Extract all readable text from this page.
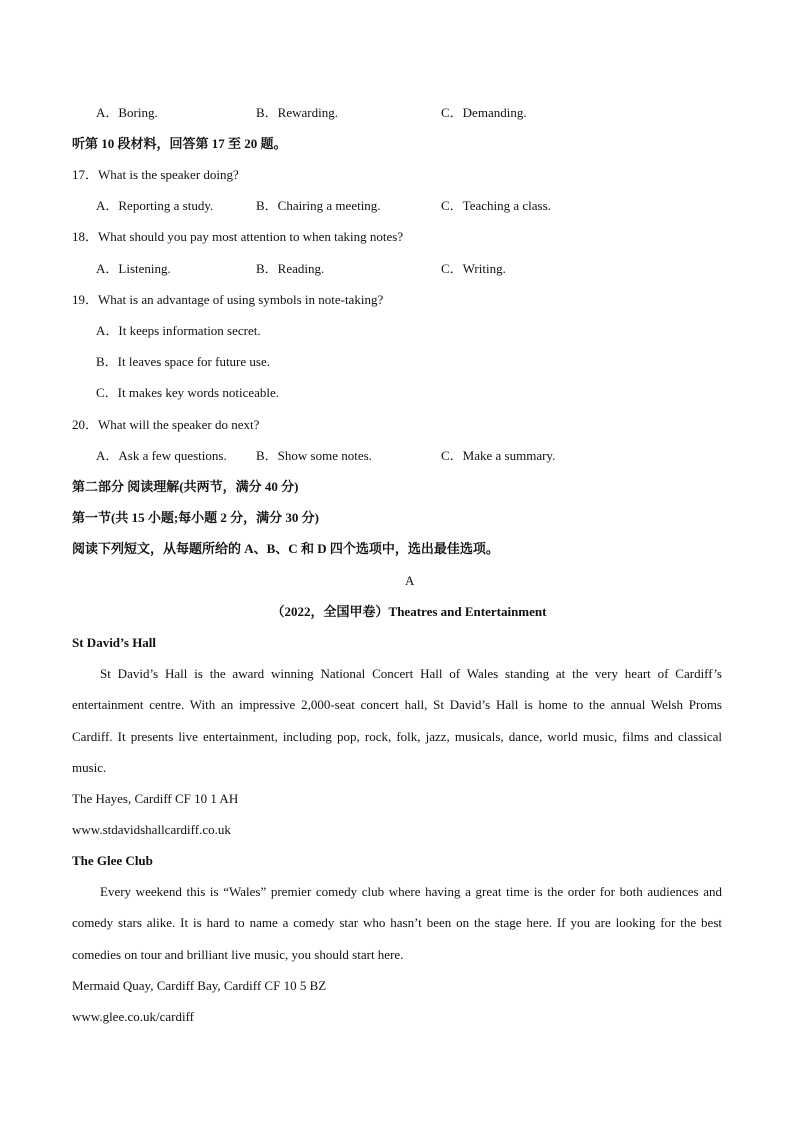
A．Boring.	B．Rewarding.	C．Demanding.
听第 10 段材料，回答第 17 至 20 题。
17．What is the speaker doing?
A．Reporting a study.	B．Chairing a meeting.	C．Teaching a class.
18．What should you pay most attention to when taking notes?
A．Listening.	B．Reading.	C．Writing.
19．What is an advantage of using symbols in note-taking?
A．It keeps information secret.
B．It leaves space for future use.
C．It makes key words noticeable.
20．What will the speaker do next?
A．Ask a few questions. B．Show some notes.	C．Make a summary.
第二部分 阅读理解(共两节，满分 40 分)
第一节(共 15 小题;每小题 2 分，满分 30 分)
阅读下列短文，从每题所给的 A、B、C 和 D 四个选项中，选出最佳选项。
A
（2022，全国甲卷）Theatres and Entertainment
St David’s Hall
St David’s Hall is the award winning National Concert Hall of Wales standing at the very heart of Cardiff’s entertainment centre. With an impressive 2,000-seat concert hall, St David’s Hall is home to the annual Welsh Proms Cardiff. It presents live entertainment, including pop, rock, folk, jazz, musicals, dance, world music, films and classical music.
The Hayes, Cardiff CF 10 1 AH
www.stdavidshallcardiff.co.uk
The Glee Club
Every weekend this is “Wales” premier comedy club where having a great time is the order for both audiences and comedy stars alike. It is hard to name a comedy star who hasn’t been on the stage here. If you are looking for the best comedies on tour and brilliant live music, you should start here.
Mermaid Quay, Cardiff Bay, Cardiff CF 10 5 BZ
www.glee.co.uk/cardiff
